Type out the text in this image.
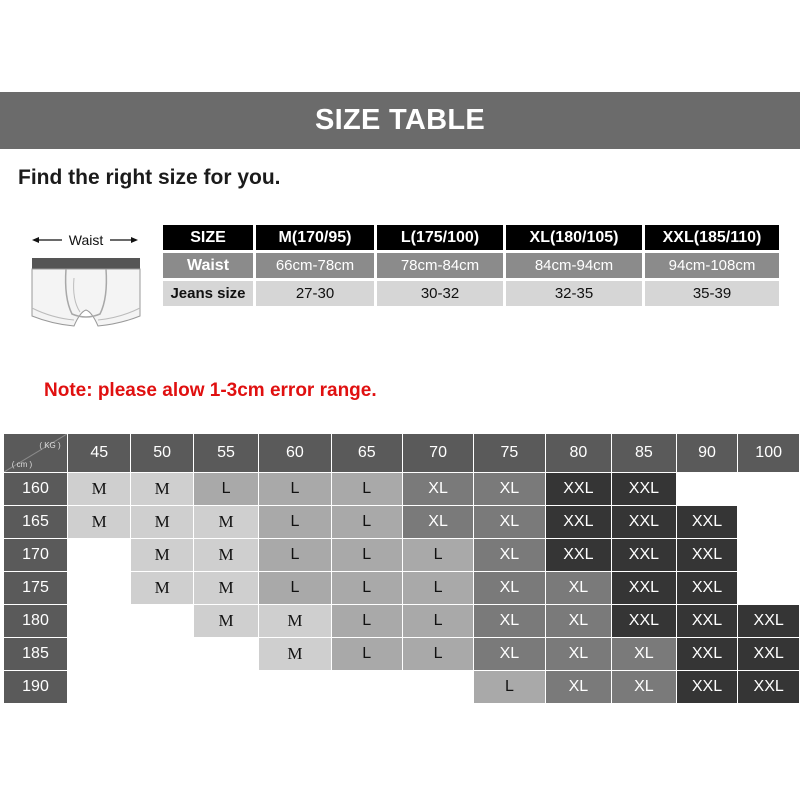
SIZE TABLE
Find the right size for you.
Waist	SIZE	M(170/95)	L(175/100)	XL(180/105)	XXL(185/110)
Waist	66cm-78cm	78cm-84cm	84cm-94cm	94cm-108cm
Jeans size	27-30	30-32	32-35	35-39
Note: please alow 1-3cm error range.
( KG )
( cm )	45	50	55	60	65	70	75	80	85	90	100
160	M	M	L	L	L	XL	XL	XXL	XXL		
165	M	M	M	L	L	XL	XL	XXL	XXL	XXL	
170		M	M	L	L	L	XL	XXL	XXL	XXL	
175		M	M	L	L	L	XL	XL	XXL	XXL	
180			M	M	L	L	XL	XL	XXL	XXL	XXL
185				M	L	L	XL	XL	XL	XXL	XXL
190							L	XL	XL	XXL	XXL
